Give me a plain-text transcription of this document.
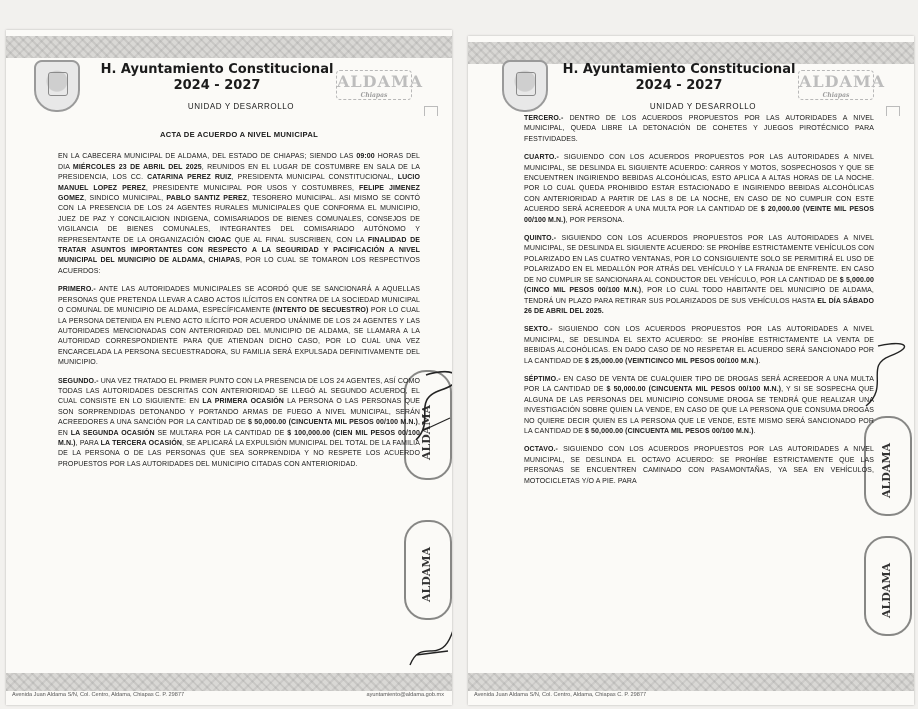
H. Ayuntamiento Constitucional
2024 - 2027
UNIDAD Y DESARROLLO
ALDAMA
Chiapas
ACTA DE ACUERDO A NIVEL MUNICIPAL

EN LA CABECERA MUNICIPAL DE ALDAMA, DEL ESTADO DE CHIAPAS; SIENDO LAS 09:00 HORAS DEL DIA MIÉRCOLES 23 DE ABRIL DEL 2025, REUNIDOS EN EL LUGAR DE COSTUMBRE EN SALA DE LA PRESIDENCIA, LOS CC. CATARINA PEREZ RUIZ, PRESIDENTA MUNICIPAL CONSTITUCIONAL, LUCIO MANUEL LOPEZ PEREZ, PRESIDENTE MUNICIPAL POR USOS Y COSTUMBRES, FELIPE JIMENEZ GOMEZ, SINDICO MUNICIPAL, PABLO SANTIZ PEREZ, TESORERO MUNICIPAL. ASI MISMO SE CONTÓ CON LA PRESENCIA DE LOS 24 AGENTES RURALES MUNICIPALES QUE CONFORMA EL MUNICIPIO, JUEZ DE PAZ Y CONCILAICION INDIGENA, COMISARIADOS DE BIENES COMUNALES, CONSEJOS DE VIGILANCIA DE BIENES COMUNALES, INTEGRANTES DEL COMISARIADO AUTÓNOMO Y REPRESENTANTE DE LA ORGANIZACIÓN CIOAC QUE AL FINAL SUSCRIBEN, CON LA FINALIDAD DE TRATAR ASUNTOS IMPORTANTES CON RESPECTO A LA SEGURIDAD Y PACIFICACIÓN A NIVEL MUNICIPAL DEL MUNICIPIO DE ALDAMA, CHIAPAS, POR LO CUAL SE TOMARON LOS RESPECTIVOS ACUERDOS:

PRIMERO.- ANTE LAS AUTORIDADES MUNICIPALES SE ACORDÓ QUE SE SANCIONARÁ A AQUELLAS PERSONAS QUE PRETENDA LLEVAR A CABO ACTOS ILÍCITOS EN CONTRA DE LA SOCIEDAD MUNICIPAL O COMUNAL DE MUNICIPIO DE ALDAMA, ESPECÍFICAMENTE (INTENTO DE SECUESTRO) POR LO CUAL LA PERSONA DETENIDA EN PLENO ACTO ILÍCITO POR ACUERDO UNÁNIME DE LOS 24 AGENTES Y LAS AUTORIDADES MENCIONADAS CON ANTERIORIDAD DEL MUNICIPIO DE ALDAMA, SE LLAMARA A LA AUTORIDAD CORRESPONDIENTE PARA QUE ATIENDAN DICHO CASO, POR LO CUAL UNA VEZ ENCARCELADA LA PERSONA SECUESTRADORA, SU FAMILIA SERÁ EXPULSADA DEFINITIVAMENTE DEL MUNICIPIO.

SEGUNDO.- UNA VEZ TRATADO EL PRIMER PUNTO CON LA PRESENCIA DE LOS 24 AGENTES, ASÍ COMO TODAS LAS AUTORIDADES DESCRITAS CON ANTERIORIDAD SE LLEGÓ AL SEGUNDO ACUERDO, EL CUAL CONSISTE EN LO SIGUIENTE: EN LA PRIMERA OCASIÓN LA PERSONA O LAS PERSONAS QUE SON SORPRENDIDAS DETONANDO Y PORTANDO ARMAS DE FUEGO A NIVEL MUNICIPAL, SERÁN ACREEDORES A UNA SANCIÓN POR LA CANTIDAD DE $ 50,000.00 (CINCUENTA MIL PESOS 00/100 M.N.), EN LA SEGUNDA OCASIÓN SE MULTARA POR LA CANTIDAD DE $ 100,000.00 (CIEN MIL PESOS 00/100 M.N.), PARA LA TERCERA OCASIÓN, SE APLICARÁ LA EXPULSIÓN MUNICIPAL DEL TOTAL DE LA FAMILIA DE LA PERSONA O DE LAS PERSONAS QUE SEA SORPRENDIDA Y NO RESPETE LOS ACUERDO PROPUESTOS POR LAS AUTORIDADES DEL MUNICIPIO CITADAS CON ANTERIORIDAD.

ALDAMA
ALDAMA
Avenida Juan Aldama S/N, Col. Centro, Aldama, Chiapas C. P. 29877	ayuntamiento@aldama.gob.mx
H. Ayuntamiento Constitucional
2024 - 2027
UNIDAD Y DESARROLLO
ALDAMA
Chiapas

TERCERO.- DENTRO DE LOS ACUERDOS PROPUESTOS POR LAS AUTORIDADES A NIVEL MUNICIPAL, QUEDA LIBRE LA DETONACIÓN DE COHETES Y JUEGOS PIROTÉCNICO PARA FESTIVIDADES.

CUARTO.- SIGUIENDO CON LOS ACUERDOS PROPUESTOS POR LAS AUTORIDADES A NIVEL MUNICIPAL, SE DESLINDA EL SIGUIENTE ACUERDO: CARROS Y MOTOS, SOSPECHOSOS Y QUE SE ENCUENTREN INGIRIENDO BEBIDAS ALCOHÓLICAS, ESTO APLICA A ALTAS HORAS DE LA NOCHE. POR LO CUAL QUEDA PROHIBIDO ESTAR ESTACIONADO E INGIRIENDO BEBIDAS ALCOHÓLICAS CON ANTERIORIDAD A PARTIR DE LAS 8 DE LA NOCHE, EN CASO DE NO CUMPLIR CON ESTE ACUERDO SERÁ ACREEDOR A UNA MULTA POR LA CANTIDAD DE $ 20,000.00 (VEINTE MIL PESOS 00/100 M.N.), POR PERSONA.

QUINTO.- SIGUIENDO CON LOS ACUERDOS PROPUESTOS POR LAS AUTORIDADES A NIVEL MUNICIPAL, SE DESLINDA EL SIGUIENTE ACUERDO: SE PROHÍBE ESTRICTAMENTE VEHÍCULOS CON POLARIZADO EN LAS CUATRO VENTANAS, POR LO CONSIGUIENTE SOLO SE PERMITIRÁ EL USO DE POLARIZADO EN EL MEDALLÓN POR ATRÁS DEL VEHÍCULO Y LA FRANJA DE ENFRENTE. EN CASO DE NO CUMPLIR SE SANCIONARA AL CONDUCTOR DEL VEHÍCULO, POR LA CANTIDAD DE $ 5,000.00 (CINCO MIL PESOS 00/100 M.N.), POR LO CUAL TODO HABITANTE DEL MUNICIPIO DE ALDAMA, TENDRÁ UN PLAZO PARA RETIRAR SUS POLARIZADOS DE SUS VEHÍCULOS HASTA EL DÍA SÁBADO 26 DE ABRIL DEL 2025.

SEXTO.- SIGUIENDO CON LOS ACUERDOS PROPUESTOS POR LAS AUTORIDADES A NIVEL MUNICIPAL, SE DESLINDA EL SEXTO ACUERDO: SE PROHÍBE ESTRICTAMENTE LA VENTA DE BEBIDAS ALCOHÓLICAS. EN DADO CASO DE NO RESPETAR EL ACUERDO SERÁ SANCIONADO POR LA CANTIDAD DE $ 25,000.00 (VEINTICINCO MIL PESOS 00/100 M.N.).

SÉPTIMO.- EN CASO DE VENTA DE CUALQUIER TIPO DE DROGAS SERÁ ACREEDOR A UNA MULTA POR LA CANTIDAD DE $ 50,000.00 (CINCUENTA MIL PESOS 00/100 M.N.), Y SI SE SOSPECHA QUE ALGUNA DE LAS PERSONAS DEL MUNICIPIO CONSUME DROGA SE TENDRÁ QUE REALIZAR UNA INVESTIGACIÓN SOBRE QUIEN LA VENDE, EN CASO DE QUE LA PERSONA QUE CONSUMA DROGAS NO QUIERE DECIR QUIEN ES LA PERSONA QUE LE VENDE, ESTE MISMO SERÁ SANCIONADO POR LA CANTIDAD DE $ 50,000.00 (CINCUENTA MIL PESOS 00/100 M.N.).

OCTAVO.- SIGUIENDO CON LOS ACUERDOS PROPUESTOS POR LAS AUTORIDADES A NIVEL MUNICIPAL, SE DESLINDA EL OCTAVO ACUERDO: SE PROHÍBE ESTRICTAMENTE QUE LAS PERSONAS SE ENCUENTREN CAMINADO CON PASAMONTAÑAS, YA SEA EN VEHÍCULOS, MOTOCICLETAS Y/O A PIE. PARA	ALDAMA
ALDAMA
Avenida Juan Aldama S/N, Col. Centro, Aldama, Chiapas C. P. 29877
